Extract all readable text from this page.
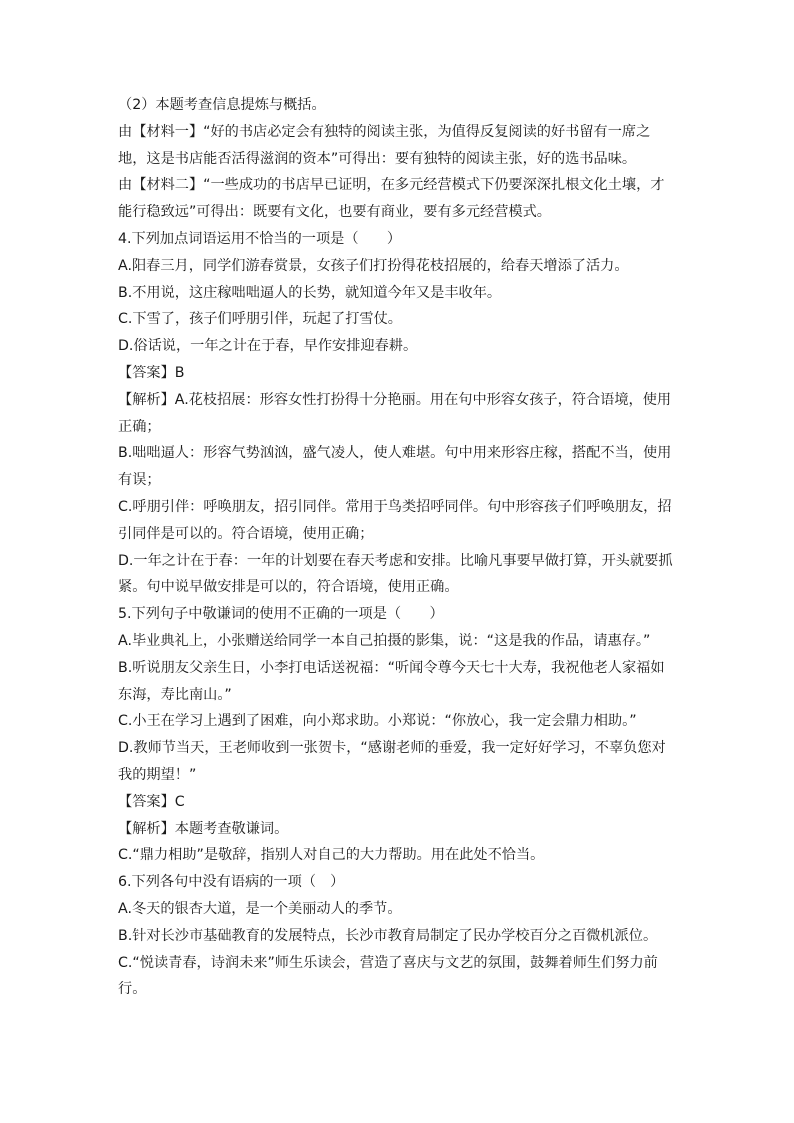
（2）本题考查信息提炼与概括。
由【材料一】“好的书店必定会有独特的阅读主张，为值得反复阅读的好书留有一席之
地，这是书店能否活得滋润的资本”可得出：要有独特的阅读主张，好的选书品味。
由【材料二】“一些成功的书店早已证明，在多元经营模式下仍要深深扎根文化土壤，才
能行稳致远”可得出：既要有文化，也要有商业，要有多元经营模式。
4.下列加点词语运用不恰当的一项是（　　）
A.阳春三月，同学们游春赏景，女孩子们打扮得花枝招展的，给春天增添了活力。
B.不用说，这庄稼咄咄逼人的长势，就知道今年又是丰收年。
C.下雪了，孩子们呼朋引伴，玩起了打雪仗。
D.俗话说，一年之计在于春，早作安排迎春耕。
【答案】B
【解析】A.花枝招展：形容女性打扮得十分艳丽。用在句中形容女孩子，符合语境，使用
正确；
B.咄咄逼人：形容气势汹汹，盛气凌人，使人难堪。句中用来形容庄稼，搭配不当，使用
有误；
C.呼朋引伴：呼唤朋友，招引同伴。常用于鸟类招呼同伴。句中形容孩子们呼唤朋友，招
引同伴是可以的。符合语境，使用正确；
D.一年之计在于春：一年的计划要在春天考虑和安排。比喻凡事要早做打算，开头就要抓
紧。句中说早做安排是可以的，符合语境，使用正确。
5.下列句子中敬谦词的使用不正确的一项是（　　）
A.毕业典礼上，小张赠送给同学一本自己拍摄的影集，说：“这是我的作品，请惠存。”
B.听说朋友父亲生日，小李打电话送祝福：“听闻令尊今天七十大寿，我祝他老人家福如
东海，寿比南山。”
C.小王在学习上遇到了困难，向小郑求助。小郑说：“你放心，我一定会鼎力相助。”
D.教师节当天，王老师收到一张贺卡，“感谢老师的垂爱，我一定好好学习，不辜负您对
我的期望！”
【答案】C
【解析】本题考查敬谦词。
C.“鼎力相助”是敬辞，指别人对自己的大力帮助。用在此处不恰当。
6.下列各句中没有语病的一项（　）
A.冬天的银杏大道，是一个美丽动人的季节。
B.针对长沙市基础教育的发展特点，长沙市教育局制定了民办学校百分之百微机派位。
C.“悦读青春，诗润未来”师生乐读会，营造了喜庆与文艺的氛围，鼓舞着师生们努力前
行。
